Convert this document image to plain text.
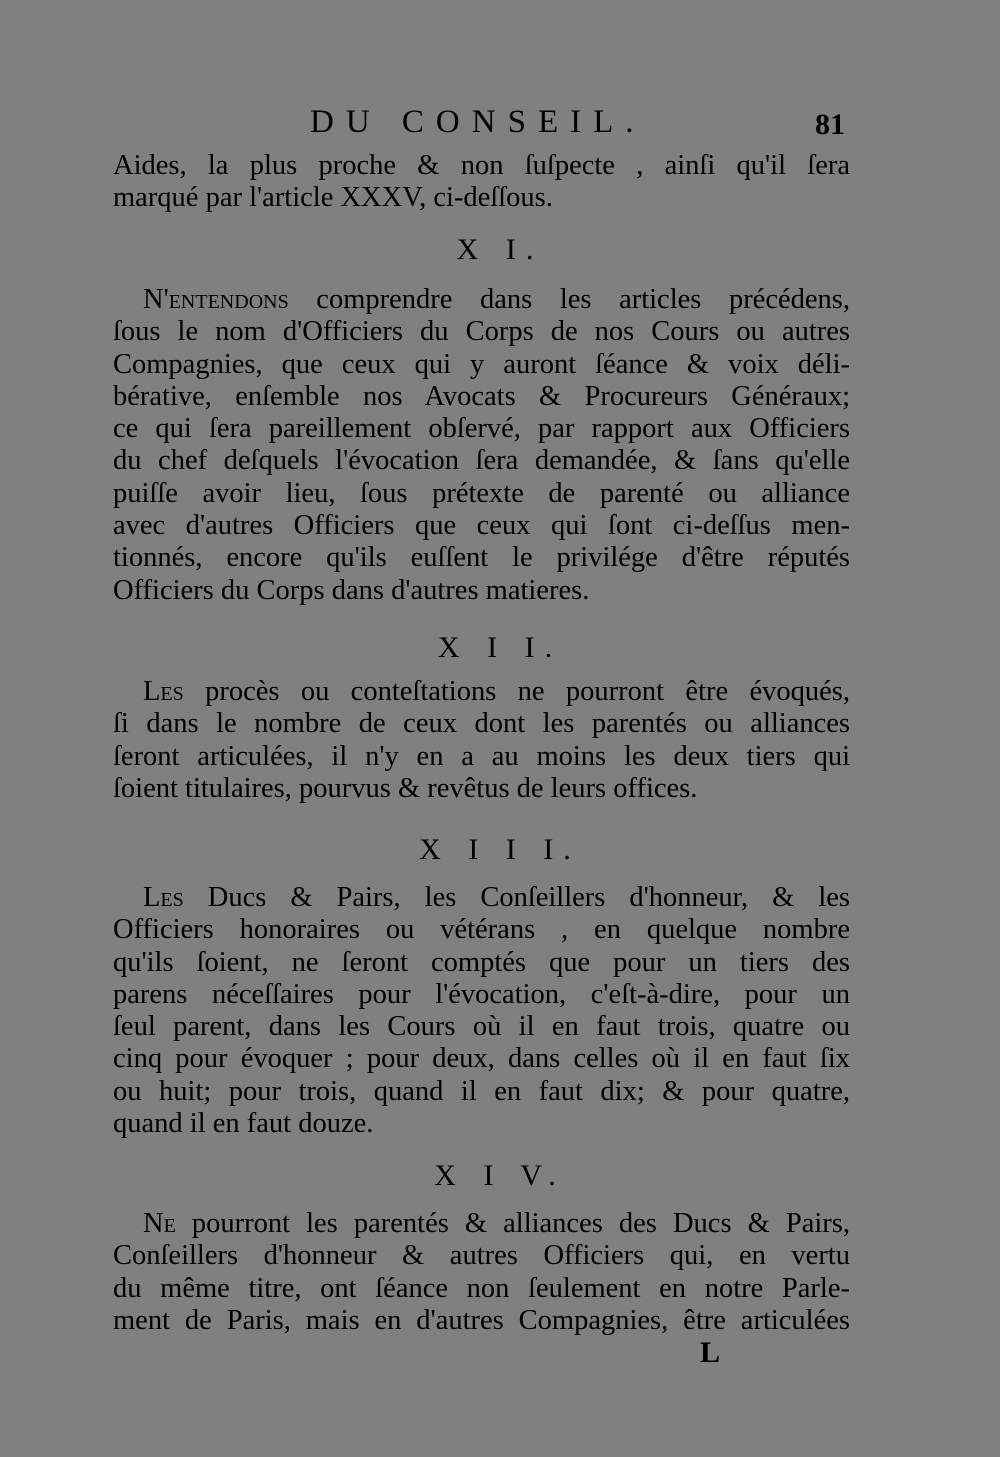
DU CONSEIL.	81
Aides, la plus proche & non ſuſpecte , ainſi qu'il ſera
marqué par l'article XXXV, ci-deſſous.
X I.
N'entendons comprendre dans les articles précédens,
ſous le nom d'Officiers du Corps de nos Cours ou autres
Compagnies, que ceux qui y auront ſéance & voix déli-
bérative, enſemble nos Avocats & Procureurs Généraux;
ce qui ſera pareillement obſervé, par rapport aux Officiers
du chef deſquels l'évocation ſera demandée, & ſans qu'elle
puiſſe avoir lieu, ſous prétexte de parenté ou alliance
avec d'autres Officiers que ceux qui ſont ci-deſſus men-
tionnés, encore qu'ils euſſent le privilége d'être réputés
Officiers du Corps dans d'autres matieres.
X I I.
Les procès ou conteſtations ne pourront être évoqués,
ſi dans le nombre de ceux dont les parentés ou alliances
ſeront articulées, il n'y en a au moins les deux tiers qui
ſoient titulaires, pourvus & revêtus de leurs offices.
X I I I.
Les Ducs & Pairs, les Conſeillers d'honneur, & les
Officiers honoraires ou vétérans , en quelque nombre
qu'ils ſoient, ne ſeront comptés que pour un tiers des
parens néceſſaires pour l'évocation, c'eſt-à-dire, pour un
ſeul parent, dans les Cours où il en faut trois, quatre ou
cinq pour évoquer ; pour deux, dans celles où il en faut ſix
ou huit; pour trois, quand il en faut dix; & pour quatre,
quand il en faut douze.
X I V.
Ne pourront les parentés & alliances des Ducs & Pairs,
Conſeillers d'honneur & autres Officiers qui, en vertu
du même titre, ont ſéance non ſeulement en notre Parle-
ment de Paris, mais en d'autres Compagnies, être articulées
L
